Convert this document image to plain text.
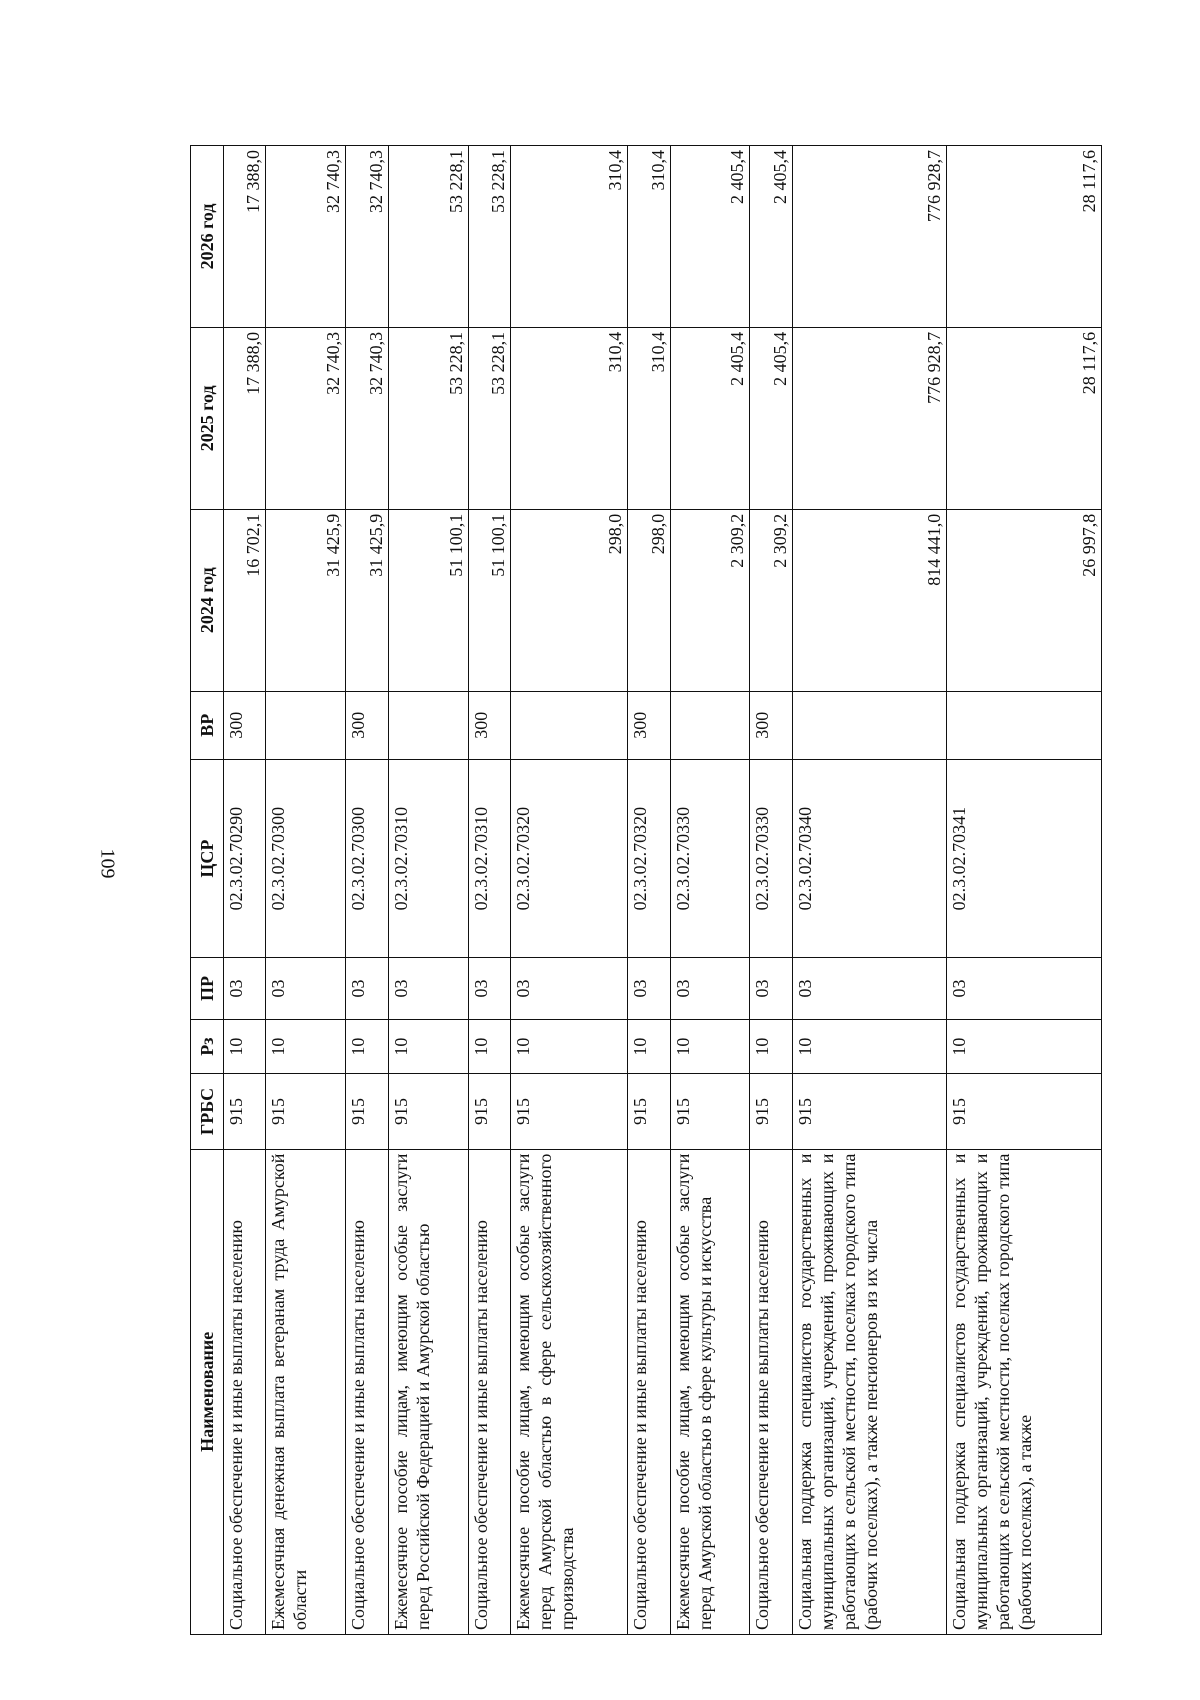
109
Наименование	ГРБС	Рз	ПР	ЦСР	ВР	2024 год	2025 год	2026 год
Социальное обеспечение и иные выплаты населению	915	10	03	02.3.02.70290	300	16 702,1	17 388,0	17 388,0
Ежемесячная денежная выплата ветеранам труда Амурской области	915	10	03	02.3.02.70300		31 425,9	32 740,3	32 740,3
Социальное обеспечение и иные выплаты населению	915	10	03	02.3.02.70300	300	31 425,9	32 740,3	32 740,3
Ежемесячное пособие лицам, имеющим особые заслуги перед Российской Федерацией и Амурской областью	915	10	03	02.3.02.70310		51 100,1	53 228,1	53 228,1
Социальное обеспечение и иные выплаты населению	915	10	03	02.3.02.70310	300	51 100,1	53 228,1	53 228,1
Ежемесячное пособие лицам, имеющим особые заслуги перед Амурской областью в сфере сельскохозяйственного производства	915	10	03	02.3.02.70320		298,0	310,4	310,4
Социальное обеспечение и иные выплаты населению	915	10	03	02.3.02.70320	300	298,0	310,4	310,4
Ежемесячное пособие лицам, имеющим особые заслуги перед Амурской областью в сфере культуры и искусства	915	10	03	02.3.02.70330		2 309,2	2 405,4	2 405,4
Социальное обеспечение и иные выплаты населению	915	10	03	02.3.02.70330	300	2 309,2	2 405,4	2 405,4
Социальная поддержка специалистов государственных и муниципальных организаций, учреждений, проживающих и работающих в сельской местности, поселках городского типа (рабочих поселках), а также пенсионеров из их числа	915	10	03	02.3.02.70340		814 441,0	776 928,7	776 928,7
Социальная поддержка специалистов государственных и муниципальных организаций, учреждений, проживающих и работающих в сельской местности, поселках городского типа (рабочих поселках), а также	915	10	03	02.3.02.70341		26 997,8	28 117,6	28 117,6
